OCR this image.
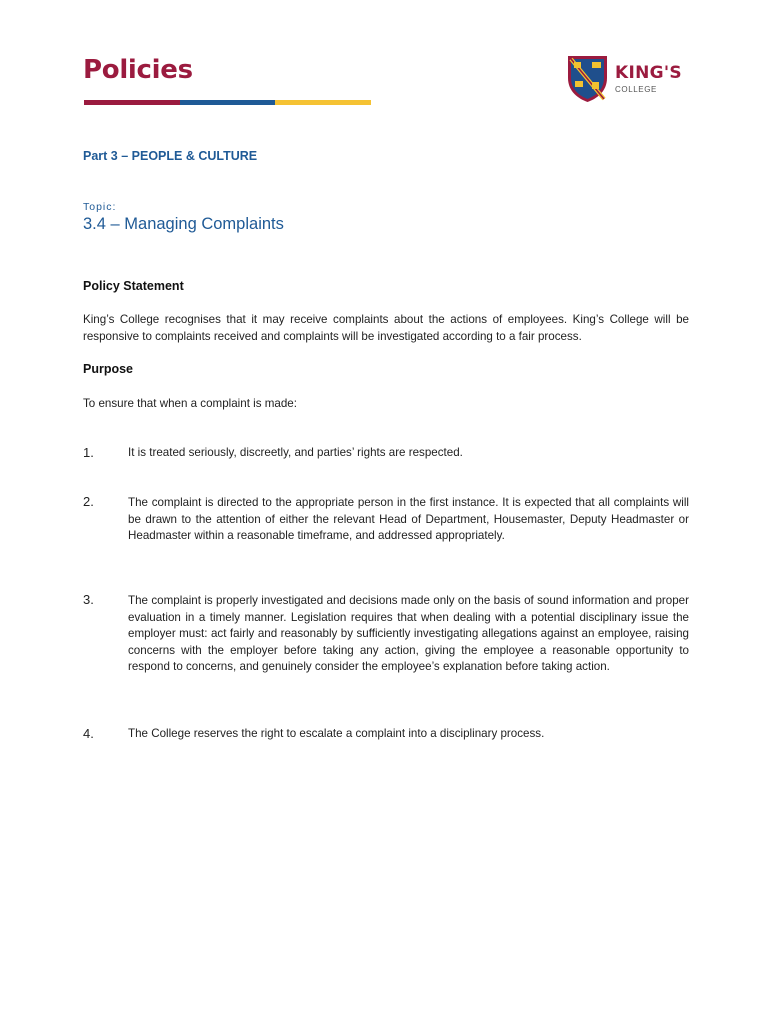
Policies	KING'S
COLLEGE
Part 3 – PEOPLE & CULTURE
Topic:
3.4 – Managing Complaints
Policy Statement
King’s College recognises that it may receive complaints about the actions of employees. King’s College will be responsive to complaints received and complaints will be investigated according to a fair process.
Purpose
To ensure that when a complaint is made:
1.	It is treated seriously, discreetly, and parties’ rights are respected.
2.	The complaint is directed to the appropriate person in the first instance. It is expected that all complaints will be drawn to the attention of either the relevant Head of Department, Housemaster, Deputy Headmaster or Headmaster within a reasonable timeframe, and addressed appropriately.
3.	The complaint is properly investigated and decisions made only on the basis of sound information and proper evaluation in a timely manner. Legislation requires that when dealing with a potential disciplinary issue the employer must: act fairly and reasonably by sufficiently investigating allegations against an employee, raising concerns with the employer before taking any action, giving the employee a reasonable opportunity to respond to concerns, and genuinely consider the employee’s explanation before taking action.
4.	The College reserves the right to escalate a complaint into a disciplinary process.
